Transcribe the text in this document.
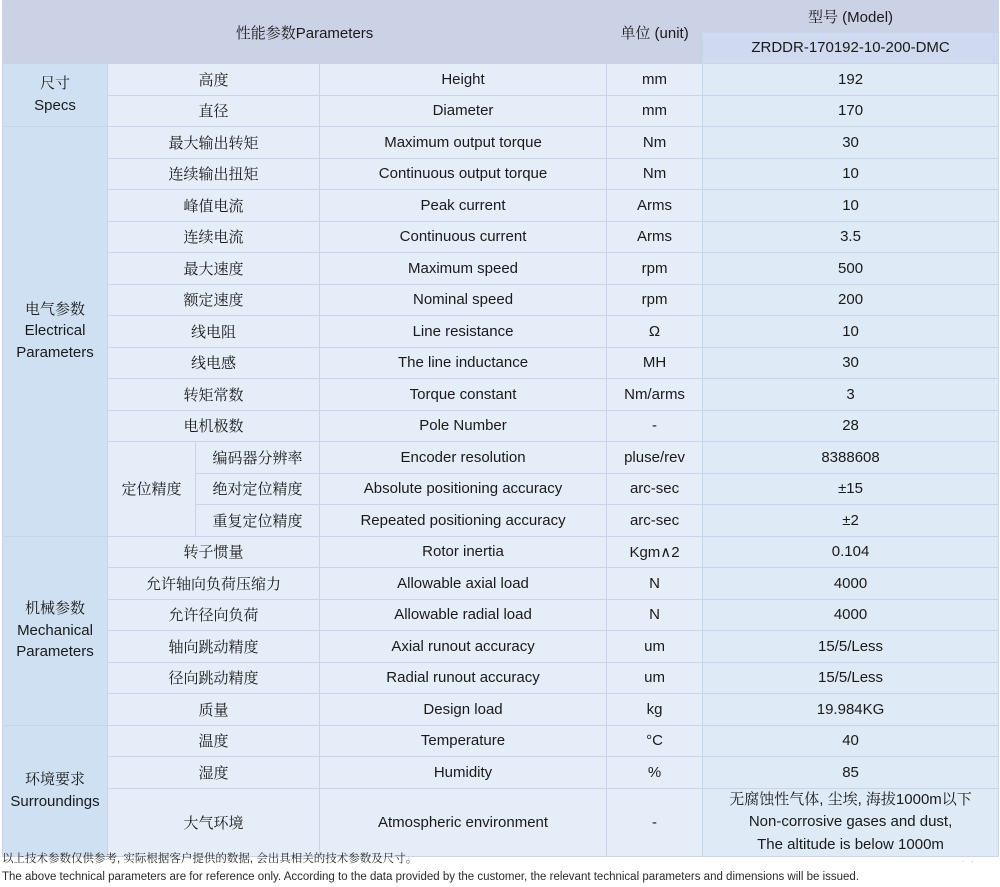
性能参数Parameters				单位 (unit)	型号 (Model)
					ZRDDR-170192-10-200-DMC

尺寸
Specs	高度		Height	mm	192
	直径		Diameter	mm	170

电气参数
Electrical
Parameters	最大输出转矩		Maximum output torque	Nm	30
	连续输出扭矩		Continuous output torque	Nm	10
	峰值电流		Peak current	Arms	10
	连续电流		Continuous current	Arms	3.5
	最大速度		Maximum speed	rpm	500
	额定速度		Nominal speed	rpm	200
	线电阻		Line resistance	Ω	10
	线电感		The line inductance	MH	30
	转矩常数		Torque constant	Nm/arms	3
	电机极数		Pole Number	-	28
	定位精度	编码器分辨率	Encoder resolution	pluse/rev	8388608
		绝对定位精度	Absolute positioning accuracy	arc-sec	±15
		重复定位精度	Repeated positioning accuracy	arc-sec	±2

机械参数
Mechanical
Parameters	转子惯量		Rotor inertia	Kgm∧2	0.104
	允许轴向负荷压缩力		Allowable axial load	N	4000
	允许径向负荷		Allowable radial load	N	4000
	轴向跳动精度		Axial runout accuracy	um	15/5/Less
	径向跳动精度		Radial runout accuracy	um	15/5/Less
	质量		Design load	kg	19.984KG

环境要求
Surroundings	温度		Temperature	°C	40
	湿度		Humidity	%	85
	大气环境		Atmospheric environment	-	无腐蚀性气体, 尘埃, 海拔1000m以下
Non-corrosive gases and dust,
The altitude is below 1000m
以上技术参数仅供参考, 实际根据客户提供的数据, 会出具相关的技术参数及尺寸。
The above technical parameters are for reference only. According to the data provided by the customer, the relevant technical parameters and dimensions will be issued.
··
